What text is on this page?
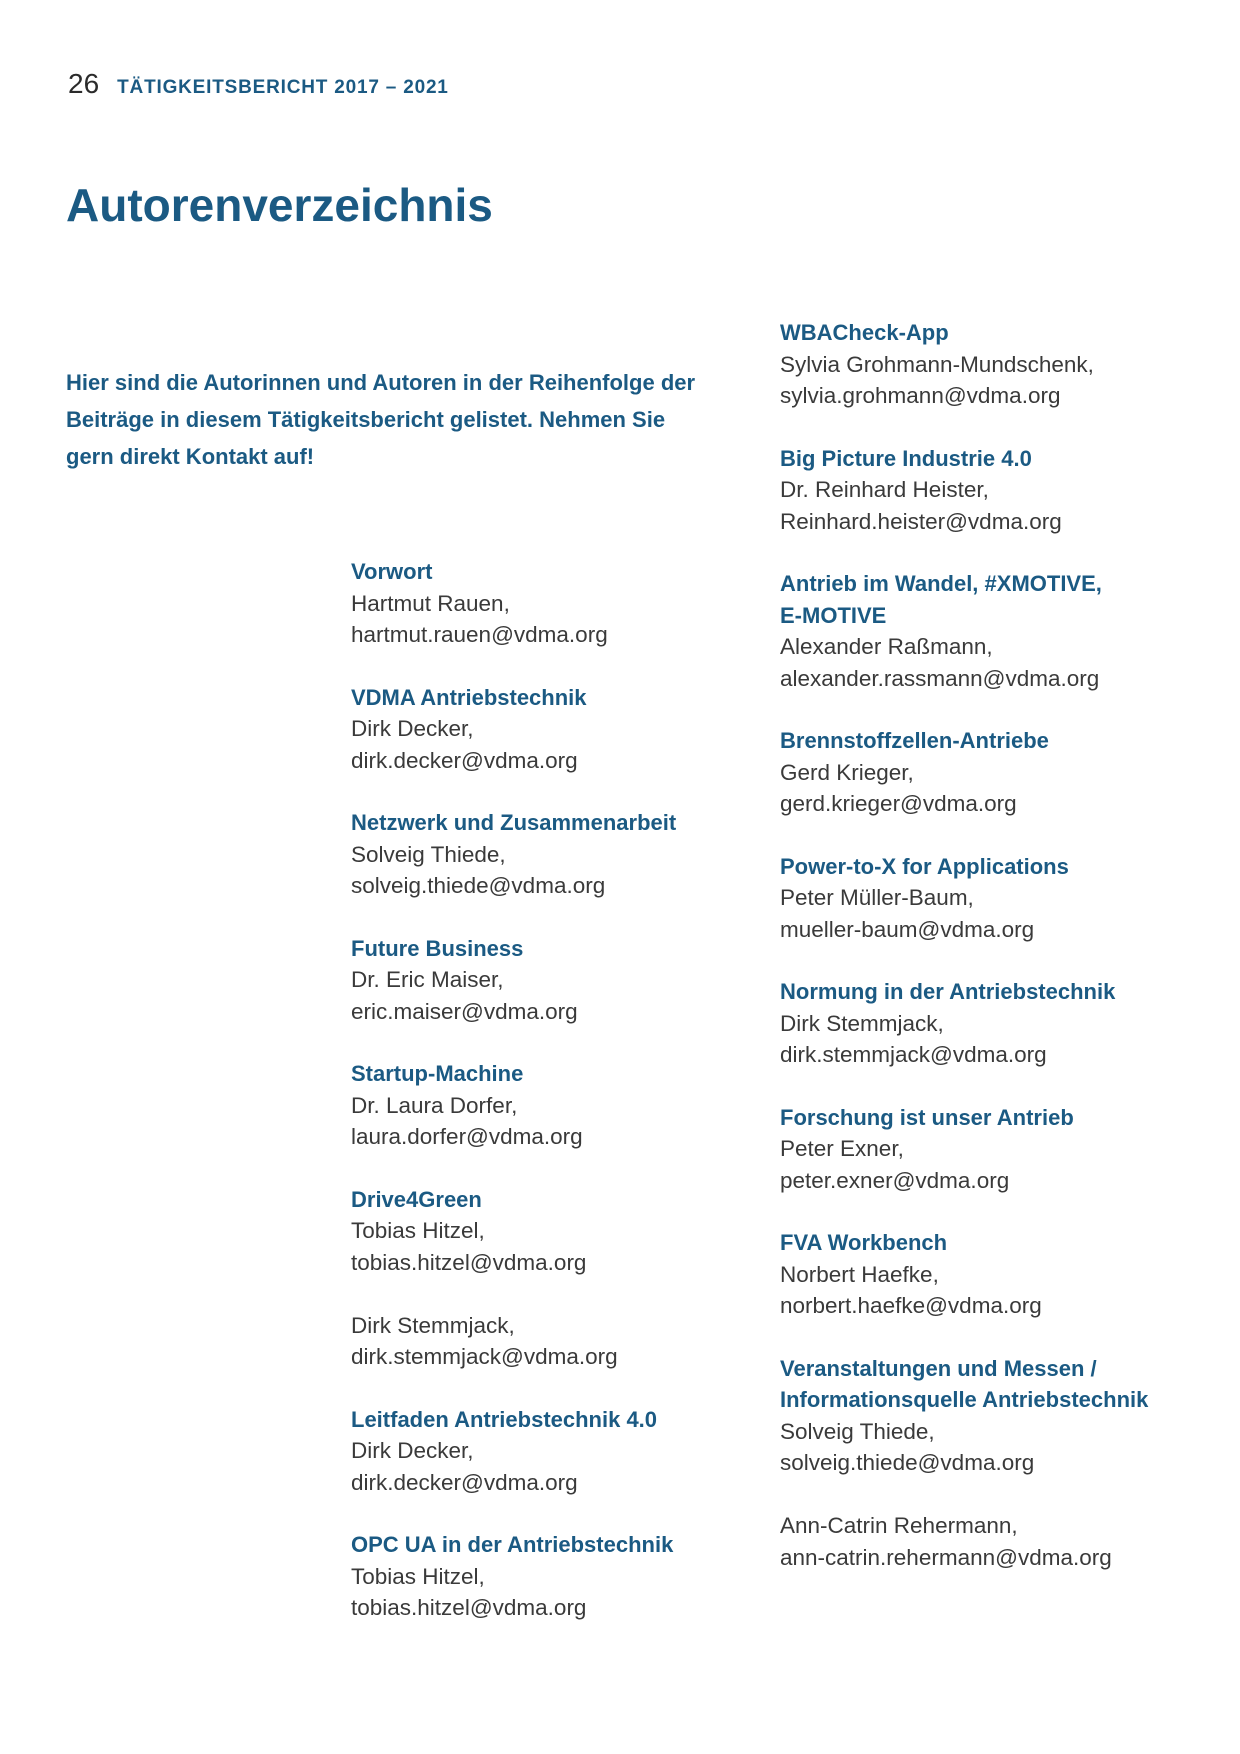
26 TÄTIGKEITSBERICHT 2017 – 2021
Autorenverzeichnis

Hier sind die Autorinnen und Autoren in der Reihenfolge der Beiträge in diesem Tätigkeitsbericht gelistet. Nehmen Sie gern direkt Kontakt auf!

Vorwort
Hartmut Rauen,
hartmut.rauen@vdma.org
VDMA Antriebstechnik
Dirk Decker,
dirk.decker@vdma.org
Netzwerk und Zusammenarbeit
Solveig Thiede,
solveig.thiede@vdma.org
Future Business
Dr. Eric Maiser,
eric.maiser@vdma.org
Startup-Machine
Dr. Laura Dorfer,
laura.dorfer@vdma.org
Drive4Green
Tobias Hitzel,
tobias.hitzel@vdma.org
Dirk Stemmjack,
dirk.stemmjack@vdma.org
Leitfaden Antriebstechnik 4.0
Dirk Decker,
dirk.decker@vdma.org
OPC UA in der Antriebstechnik
Tobias Hitzel,
tobias.hitzel@vdma.org
WBACheck-App
Sylvia Grohmann-Mundschenk,
sylvia.grohmann@vdma.org
Big Picture Industrie 4.0
Dr. Reinhard Heister,
Reinhard.heister@vdma.org
Antrieb im Wandel, #XMOTIVE,
E-MOTIVE
Alexander Raßmann,
alexander.rassmann@vdma.org
Brennstoffzellen-Antriebe
Gerd Krieger,
gerd.krieger@vdma.org
Power-to-X for Applications
Peter Müller-Baum,
mueller-baum@vdma.org
Normung in der Antriebstechnik
Dirk Stemmjack,
dirk.stemmjack@vdma.org
Forschung ist unser Antrieb
Peter Exner,
peter.exner@vdma.org
FVA Workbench
Norbert Haefke,
norbert.haefke@vdma.org
Veranstaltungen und Messen /
Informationsquelle Antriebstechnik
Solveig Thiede,
solveig.thiede@vdma.org
Ann-Catrin Rehermann,
ann-catrin.rehermann@vdma.org
